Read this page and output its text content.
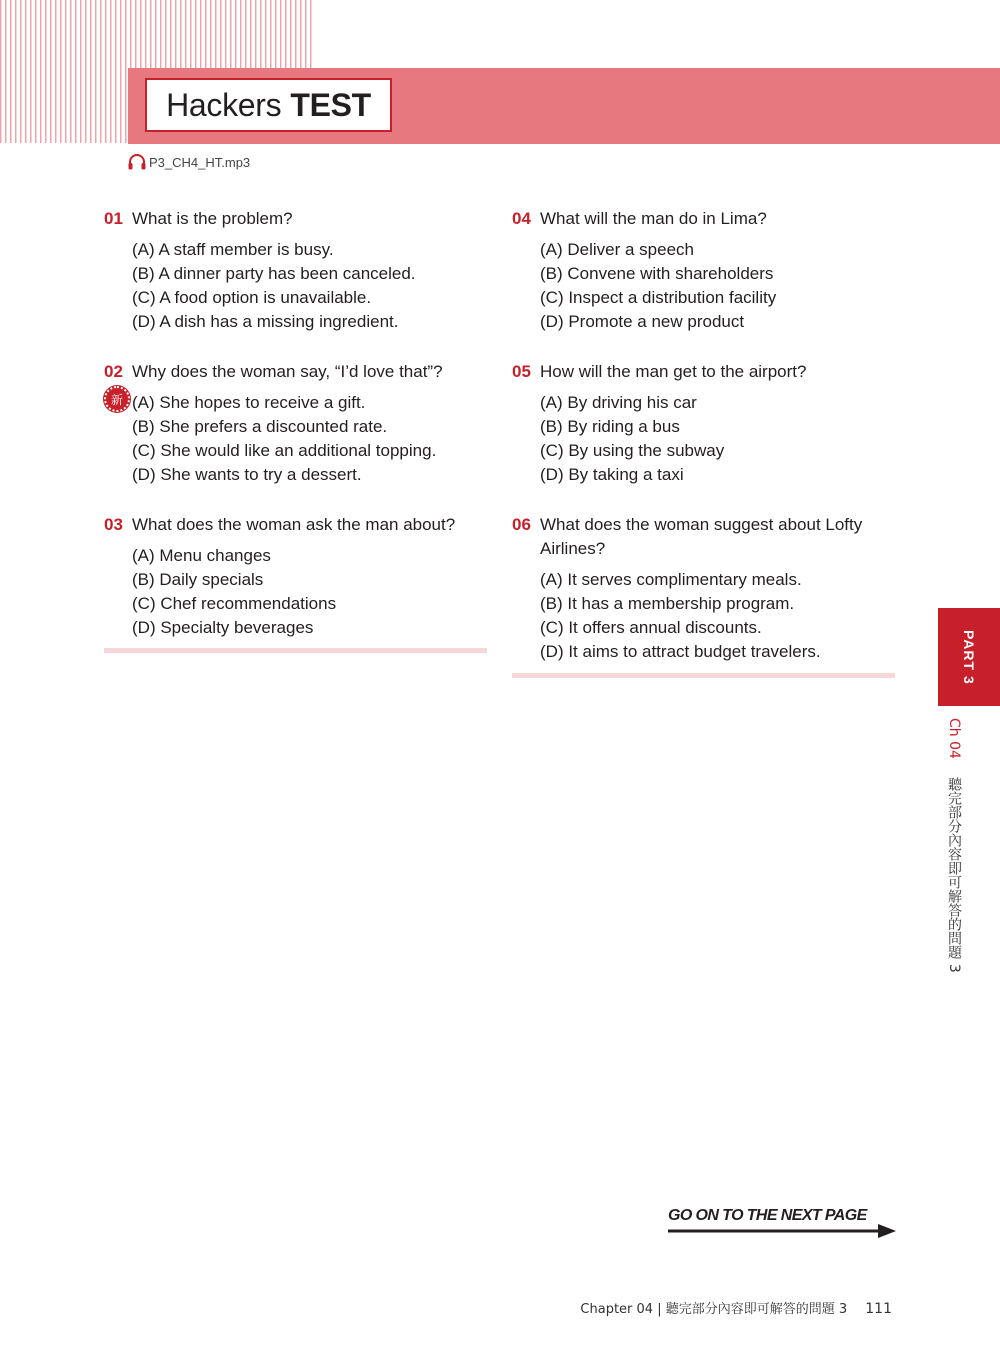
Hackers TEST
P3_CH4_HT.mp3
01 What is the problem?
(A) A staff member is busy.
(B) A dinner party has been canceled.
(C) A food option is unavailable.
(D) A dish has a missing ingredient.
02 Why does the woman say, “I’d love that”?
新 (A) She hopes to receive a gift.
(B) She prefers a discounted rate.
(C) She would like an additional topping.
(D) She wants to try a dessert.
03 What does the woman ask the man about?
(A) Menu changes
(B) Daily specials
(C) Chef recommendations
(D) Specialty beverages
04 What will the man do in Lima?
(A) Deliver a speech
(B) Convene with shareholders
(C) Inspect a distribution facility
(D) Promote a new product
05 How will the man get to the airport?
(A) By driving his car
(B) By riding a bus
(C) By using the subway
(D) By taking a taxi
06 What does the woman suggest about Lofty Airlines?
(A) It serves complimentary meals.
(B) It has a membership program.
(C) It offers annual discounts.
(D) It aims to attract budget travelers.	PART 3
Ch 04 聽完部分內容即可解答的問題 3
GO ON TO THE NEXT PAGE
Chapter 04 | 聽完部分內容即可解答的問題 3 111
